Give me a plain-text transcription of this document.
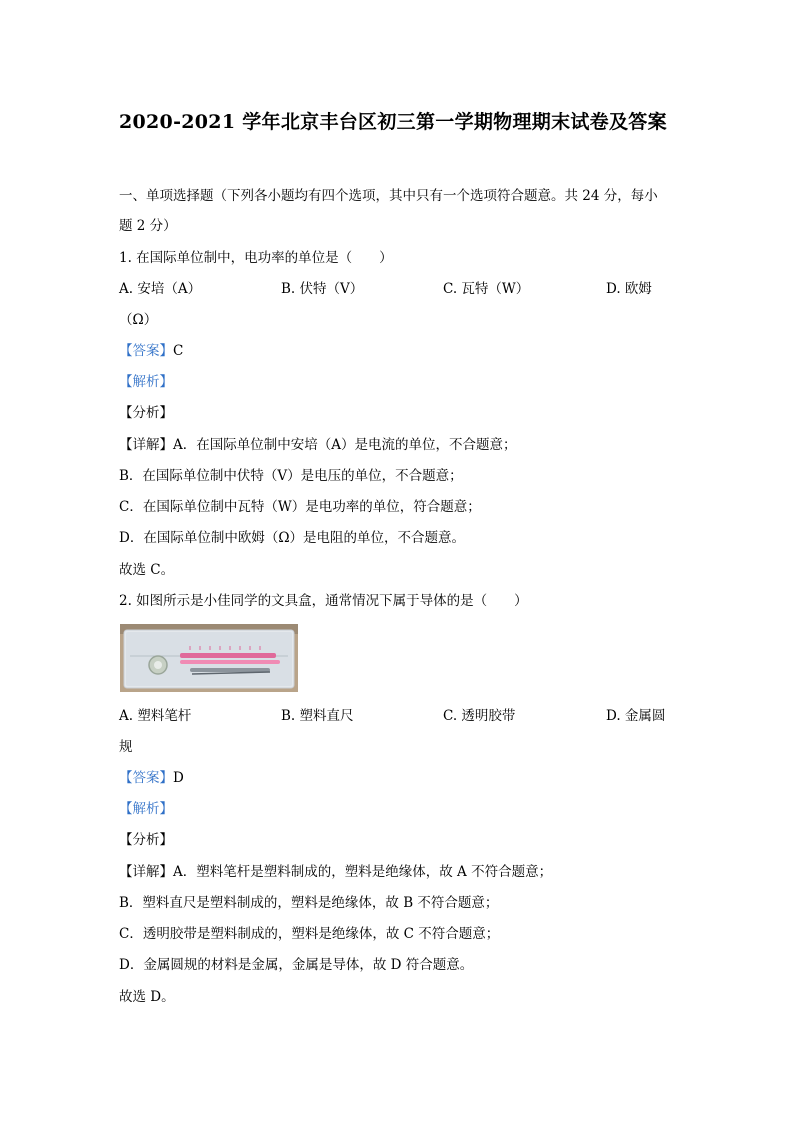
2020-2021 学年北京丰台区初三第一学期物理期末试卷及答案
一、单项选择题（下列各小题均有四个选项，其中只有一个选项符合题意。共 24 分，每小
题 2 分）
1. 在国际单位制中，电功率的单位是（　　）
A. 安培（A）	B. 伏特（V）	C. 瓦特（W）	D. 欧姆
（Ω）
【答案】C
【解析】
【分析】
【详解】A．在国际单位制中安培（A）是电流的单位，不合题意；
B．在国际单位制中伏特（V）是电压的单位，不合题意；
C．在国际单位制中瓦特（W）是电功率的单位，符合题意；
D．在国际单位制中欧姆（Ω）是电阻的单位，不合题意。
故选 C。
2. 如图所示是小佳同学的文具盒，通常情况下属于导体的是（　　）
A. 塑料笔杆	B. 塑料直尺	C. 透明胶带	D. 金属圆
规
【答案】D
【解析】
【分析】
【详解】A．塑料笔杆是塑料制成的，塑料是绝缘体，故 A 不符合题意；
B．塑料直尺是塑料制成的，塑料是绝缘体，故 B 不符合题意；
C．透明胶带是塑料制成的，塑料是绝缘体，故 C 不符合题意；
D．金属圆规的材料是金属，金属是导体，故 D 符合题意。
故选 D。
